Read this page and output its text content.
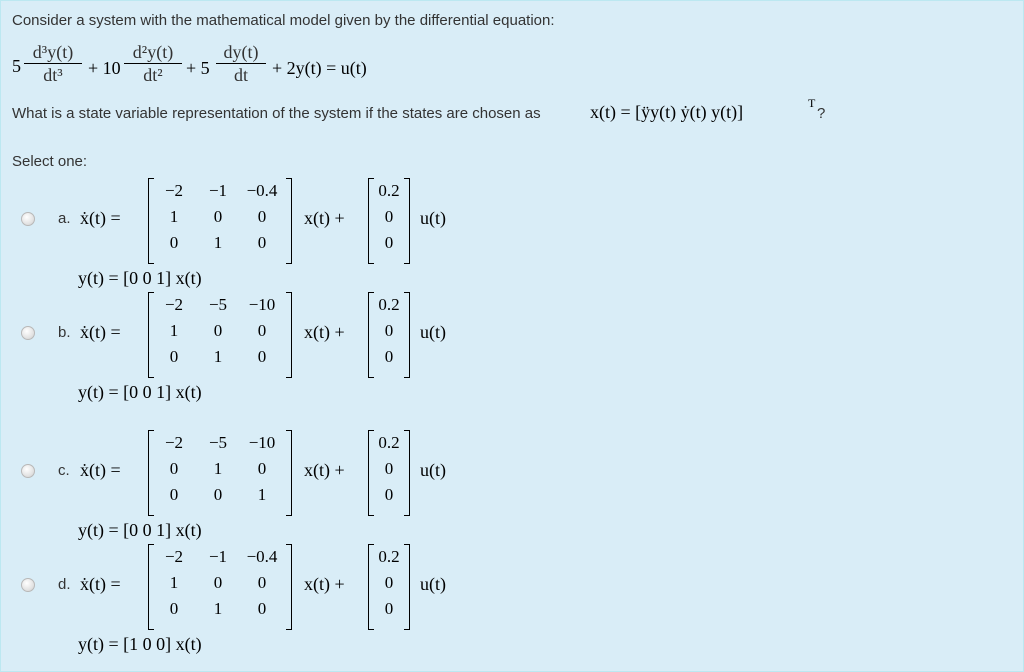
Consider a system with the mathematical model given by the differential equation:
5
d³y(t)
dt³	+ 10
d²y(t)
dt²	+ 5
dy(t)
dt	+ 2y(t) = u(t)
What is a state variable representation of the system if the states are chosen as	x(t) = [ÿy(t) ẏ(t) y(t)]	T
?
Select one:
a. ẋ(t) =
−2	−1	−0.4
1	0	0
0	1	0
x(t) +
0.2
0
0
u(t)
y(t) = [0 0 1] x(t)
b. ẋ(t) =
−2	−5	−10
1	0	0
0	1	0
x(t) +
0.2
0
0
u(t)
y(t) = [0 0 1] x(t)
c. ẋ(t) =
−2	−5	−10
0	1	0
0	0	1
x(t) +
0.2
0
0
u(t)
y(t) = [0 0 1] x(t)
d. ẋ(t) =
−2	−1	−0.4
1	0	0
0	1	0
x(t) +
0.2
0
0
u(t)
y(t) = [1 0 0] x(t)
